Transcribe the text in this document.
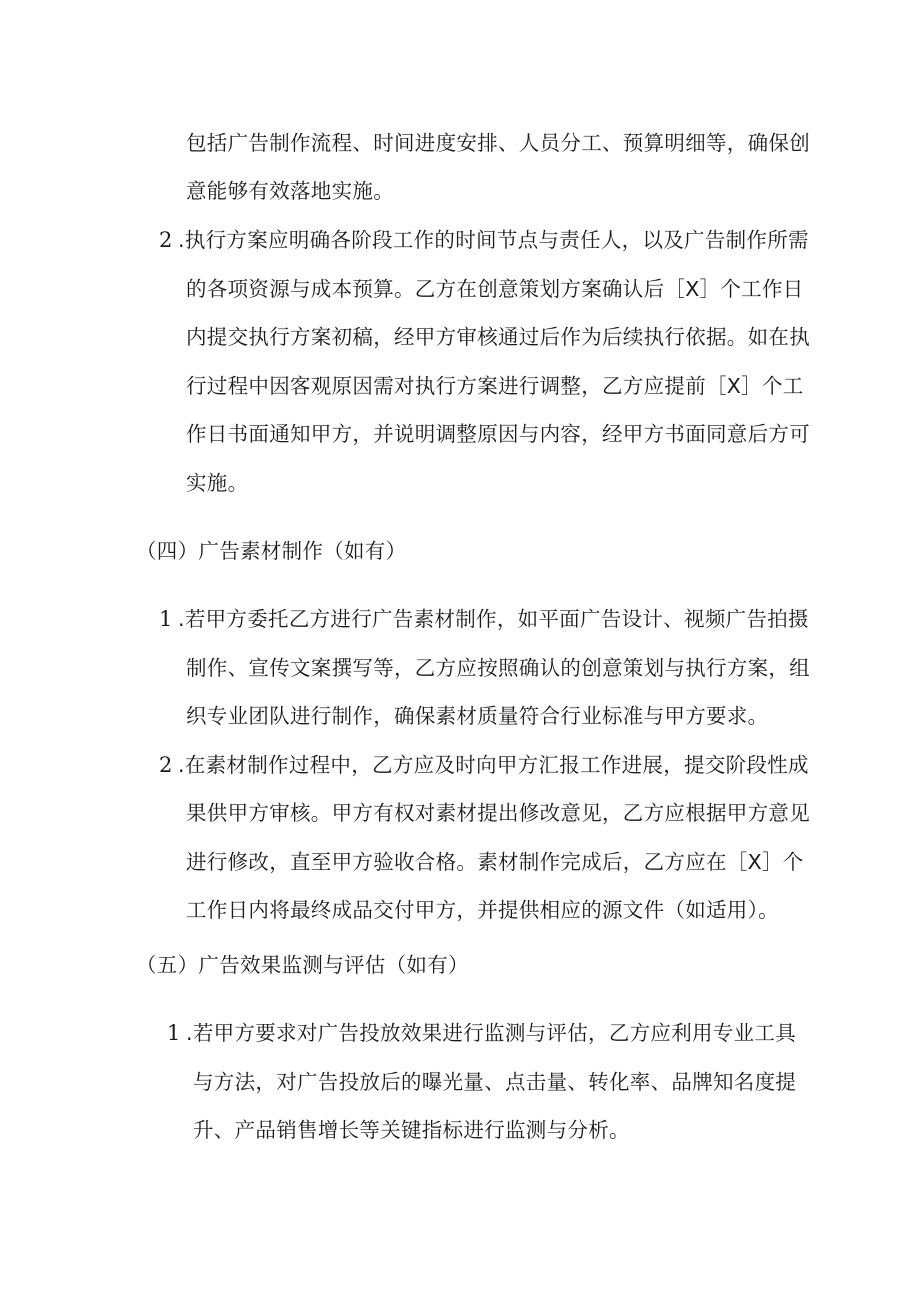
包括广告制作流程、时间进度安排、人员分工、预算明细等，确保创
意能够有效落地实施。
2 .执行方案应明确各阶段工作的时间节点与责任人，以及广告制作所需
的各项资源与成本预算。乙方在创意策划方案确认后［X］个工作日
内提交执行方案初稿，经甲方审核通过后作为后续执行依据。如在执
行过程中因客观原因需对执行方案进行调整，乙方应提前［X］个工
作日书面通知甲方，并说明调整原因与内容，经甲方书面同意后方可
实施。
（四）广告素材制作（如有）
1 .若甲方委托乙方进行广告素材制作，如平面广告设计、视频广告拍摄
制作、宣传文案撰写等，乙方应按照确认的创意策划与执行方案，组
织专业团队进行制作，确保素材质量符合行业标准与甲方要求。
2 .在素材制作过程中，乙方应及时向甲方汇报工作进展，提交阶段性成
果供甲方审核。甲方有权对素材提出修改意见，乙方应根据甲方意见
进行修改，直至甲方验收合格。素材制作完成后，乙方应在［X］个
工作日内将最终成品交付甲方，并提供相应的源文件（如适用）。
（五）广告效果监测与评估（如有）
1 .若甲方要求对广告投放效果进行监测与评估，乙方应利用专业工具
与方法，对广告投放后的曝光量、点击量、转化率、品牌知名度提
升、产品销售增长等关键指标进行监测与分析。
